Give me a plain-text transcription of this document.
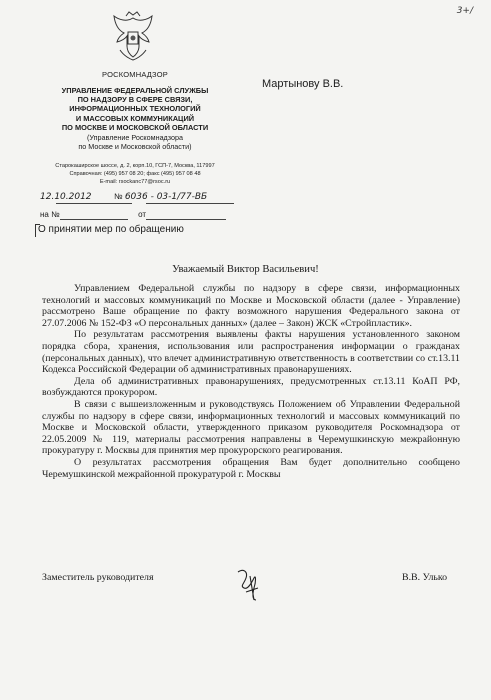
3+/
РОСКОМНАДЗОР
УПРАВЛЕНИЕ ФЕДЕРАЛЬНОЙ СЛУЖБЫ
ПО НАДЗОРУ В СФЕРЕ СВЯЗИ,
ИНФОРМАЦИОННЫХ ТЕХНОЛОГИЙ
И МАССОВЫХ КОММУНИКАЦИЙ
ПО МОСКВЕ И МОСКОВСКОЙ ОБЛАСТИ
(Управление Роскомнадзора
по Москве и Московской области)
Старокаширское шоссе, д. 2, корп.10, ГСП-7, Москва, 117997
Справочная: (495) 957 08 20; факс (495) 957 08 48
E-mail: rsockanc77@rsoc.ru
Мартынову В.В.
12.10.2012	№ 6036 - 03-1/77-ВБ
на №	от
О принятии мер по обращению
Уважаемый Виктор Васильевич!

Управлением Федеральной службы по надзору в сфере связи, информационных технологий и массовых коммуникаций по Москве и Московской области (далее - Управление) рассмотрено Ваше обращение по факту возможного нарушения Федерального закона от 27.07.2006 № 152-ФЗ «О персональных данных» (далее – Закон) ЖСК «Стройпластик».

По результатам рассмотрения выявлены факты нарушения установленного законом порядка сбора, хранения, использования или распространения информации о гражданах (персональных данных), что влечет административную ответственность в соответствии со ст.13.11 Кодекса Российской Федерации об административных правонарушениях.

Дела об административных правонарушениях, предусмотренных ст.13.11 КоАП РФ, возбуждаются прокурором.

В связи с вышеизложенным и руководствуясь Положением об Управлении Федеральной службы по надзору в сфере связи, информационных технологий и массовых коммуникаций по Москве и Московской области, утвержденного приказом руководителя Роскомнадзора от 22.05.2009 № 119, материалы рассмотрения направлены в Черемушкинскую межрайонную прокуратуру г. Москвы для принятия мер прокурорского реагирования.

О результатах рассмотрения обращения Вам будет дополнительно сообщено Черемушкинской межрайонной прокуратурой г. Москвы

Заместитель руководителя	В.В. Улько
